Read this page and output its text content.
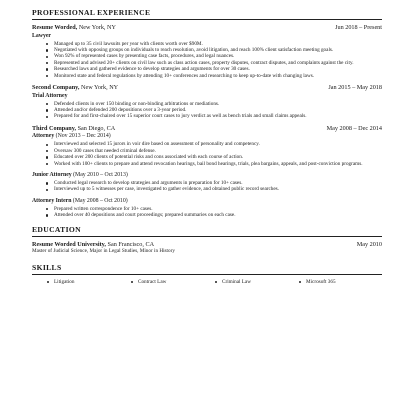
PROFESSIONAL EXPERIENCE
Resume Worded, New York, NY	Jun 2018 – Present
Lawyer
Managed up to 35 civil lawsuits per year with clients worth over $90M.
Negotiated with opposing groups on individuals to reach resolution, avoid litigation, and reach 100% client satisfaction meeting goals.
Won 92% of represented cases by presenting case facts, procedures, and legal nuances.
Represented and advised 20+ clients on civil law such as class action cases, property disputes, contract disputes, and complaints against the city.
Researched laws and gathered evidence to develop strategies and arguments for over 30 cases.
Monitored state and federal regulations by attending 10+ conferences and researching to keep up-to-date with changing laws.
Second Company, New York, NY	Jan 2015 – May 2018
Trial Attorney
Defended clients in over 150 binding or non-binding arbitrations or mediations.
Attended and/or defended 200 depositions over a 3-year period.
Prepared for and first-chaired over 15 superior court cases to jury verdict as well as bench trials and small claims appeals.
Third Company, San Diego, CA	May 2008 – Dec 2014
Attorney (Nov 2013 – Dec 2014)
Interviewed and selected 15 jurors in voir dire based on assessment of personality and competency.
Oversaw 300 cases that needed criminal defense.
Educated over 200 clients of potential risks and cons associated with each course of action.
Worked with 100+ clients to prepare and attend revocation hearings, bail bond hearings, trials, plea bargains, appeals, and post-conviction programs.
Junior Attorney (May 2010 – Oct 2013)
Conducted legal research to develop strategies and arguments in preparation for 10+ cases.
Interviewed up to 5 witnesses per case, investigated to gather evidence, and obtained public record searches.
Attorney Intern (May 2008 – Oct 2010)
Prepared written correspondence for 10+ cases.
Attended over 40 depositions and court proceedings; prepared summaries on each case.
EDUCATION
Resume Worded University, San Francisco, CA	May 2010
Master of Judicial Science, Major in Legal Studies, Minor in History
SKILLS
Litigation	Contract Law	Criminal Law	Microsoft 365
